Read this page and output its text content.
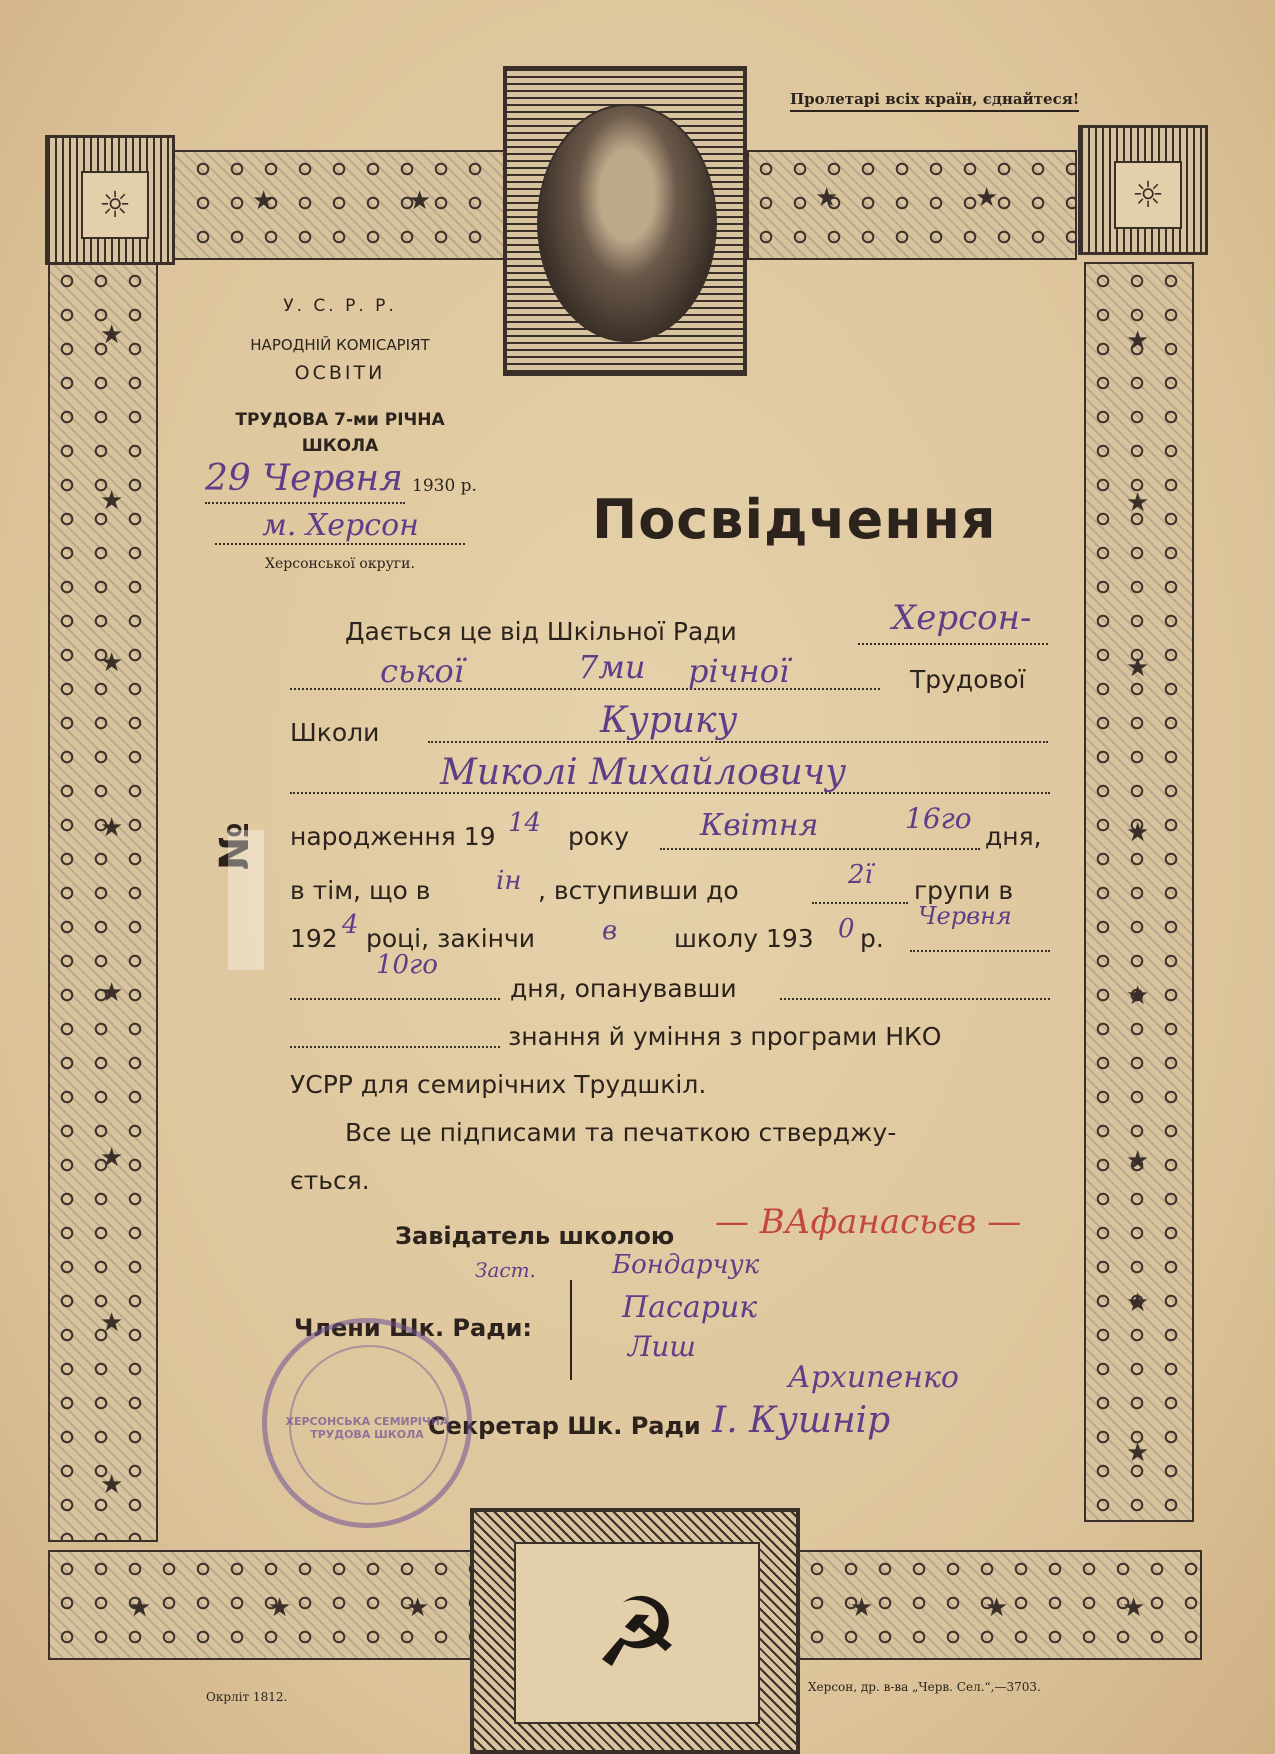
☼	☼
★	★	★	★
★
★
★
★
★
★
★
★
★
★
★
★
★
★
★
★
★	★	★	★	★	★
Пролетарі всіх країн, єднайтеся!
У. С. Р. Р.
НАРОДНІЙ КОМІСАРІЯТ
ОСВІТИ
ТРУДОВА 7-ми РІЧНА
ШКОЛА
29 Червня 1930 р.
м. Херсон
Херсонської округи.
№
Посвідчення
Дається це від Шкільної Ради	Херсон-
ської	7ми річної	Трудової
Школи	Курику
Миколі Михайловичу
народження 19 14 року Квітня	16го
дня,
в тім, що в	ін , вступивши до
2ї
групи в
192 4 році, закінчи	в школу 193 0 р.
Червня
10го
дня, опанувавши
знання й уміння з програми НКО
УСРР для семирічних Трудшкіл.
Все це підписами та печаткою стверджу-
ється.
Завідатель школою — ВАфанасьєв —
Заст.	Бондарчук
Пасарик
Лиш
Архипенко
Члени Шк. Ради:
Секретар Шк. Ради І. Кушнір
ХЕРСОНСЬКА СЕМИРІЧНА ТРУДОВА ШКОЛА
☭
Окрліт 1812.
Херсон, др. в-ва „Черв. Сел.“,—3703.
